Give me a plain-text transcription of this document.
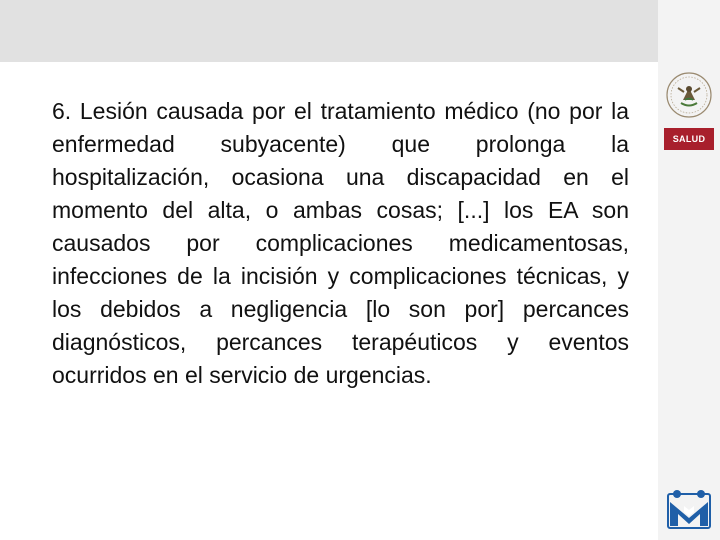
SALUD

6. Lesión causada por el tratamiento médico (no por la enfermedad subyacente) que prolonga la hospitalización, ocasiona una discapacidad en el momento del alta, o ambas cosas; [...] los EA son causados por complicaciones medicamentosas, infecciones de la incisión y complicaciones técnicas, y los debidos a negligencia [lo son por] percances diagnósticos, percances terapéuticos y eventos ocurridos en el servicio de urgencias.
